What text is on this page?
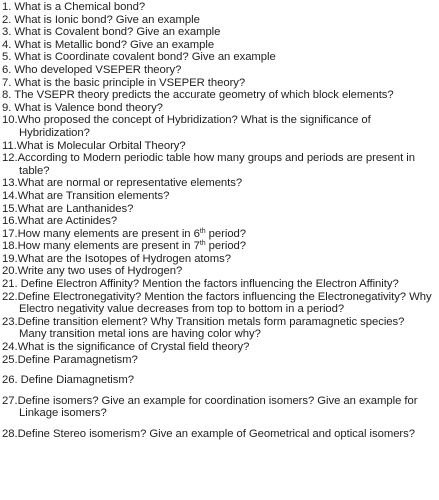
1. What is a Chemical bond?
2. What is Ionic bond? Give an example
3. What is Covalent bond? Give an example
4. What is Metallic bond? Give an example
5. What is Coordinate covalent bond? Give an example
6. Who developed VSEPER theory?
7. What is the basic principle in VSEPER theory?
8. The VSEPR theory predicts the accurate geometry of which block elements?
9. What is Valence bond theory?
10.Who proposed the concept of Hybridization? What is the significance of Hybridization?
11.What is Molecular Orbital Theory?
12.According to Modern periodic table how many groups and periods are present in table?
13.What are normal or representative elements?
14.What are Transition elements?
15.What are Lanthanides?
16.What are Actinides?
17.How many elements are present in 6th period?
18.How many elements are present in 7th period?
19.What are the Isotopes of Hydrogen atoms?
20.Write any two uses of Hydrogen?
21. Define Electron Affinity? Mention the factors influencing the Electron Affinity?
22.Define Electronegativity? Mention the factors influencing the Electronegativity? Why Electro negativity value decreases from top to bottom in a period?
23.Define transition element? Why Transition metals form paramagnetic species? Many transition metal ions are having color why?
24.What is the significance of Crystal field theory?
25.Define Paramagnetism?
26. Define Diamagnetism?
27.Define isomers? Give an example for coordination isomers? Give an example for Linkage isomers?
28.Define Stereo isomerism? Give an example of Geometrical and optical isomers?
